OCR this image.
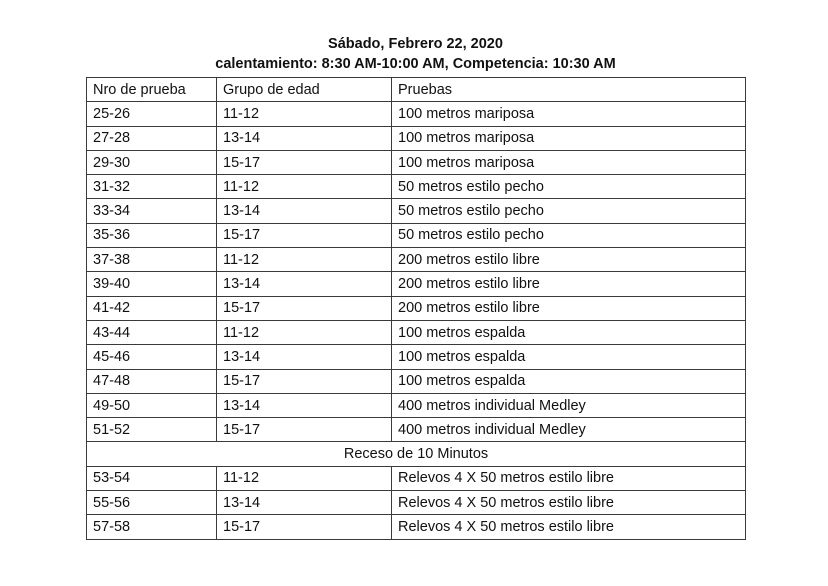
Sábado, Febrero 22, 2020
calentamiento: 8:30 AM-10:00 AM, Competencia: 10:30 AM
Nro de prueba	Grupo de edad	Pruebas
25-26	11-12	100 metros mariposa
27-28	13-14	100 metros mariposa
29-30	15-17	100 metros mariposa
31-32	11-12	50 metros estilo pecho
33-34	13-14	50 metros estilo pecho
35-36	15-17	50 metros estilo pecho
37-38	11-12	200 metros estilo libre
39-40	13-14	200 metros estilo libre
41-42	15-17	200 metros estilo libre
43-44	11-12	100 metros espalda
45-46	13-14	100 metros espalda
47-48	15-17	100 metros espalda
49-50	13-14	400 metros individual Medley
51-52	15-17	400 metros individual Medley
Receso de 10 Minutos		
53-54	11-12	Relevos 4 X 50 metros estilo libre
55-56	13-14	Relevos 4 X 50 metros estilo libre
57-58	15-17	Relevos 4 X 50 metros estilo libre
